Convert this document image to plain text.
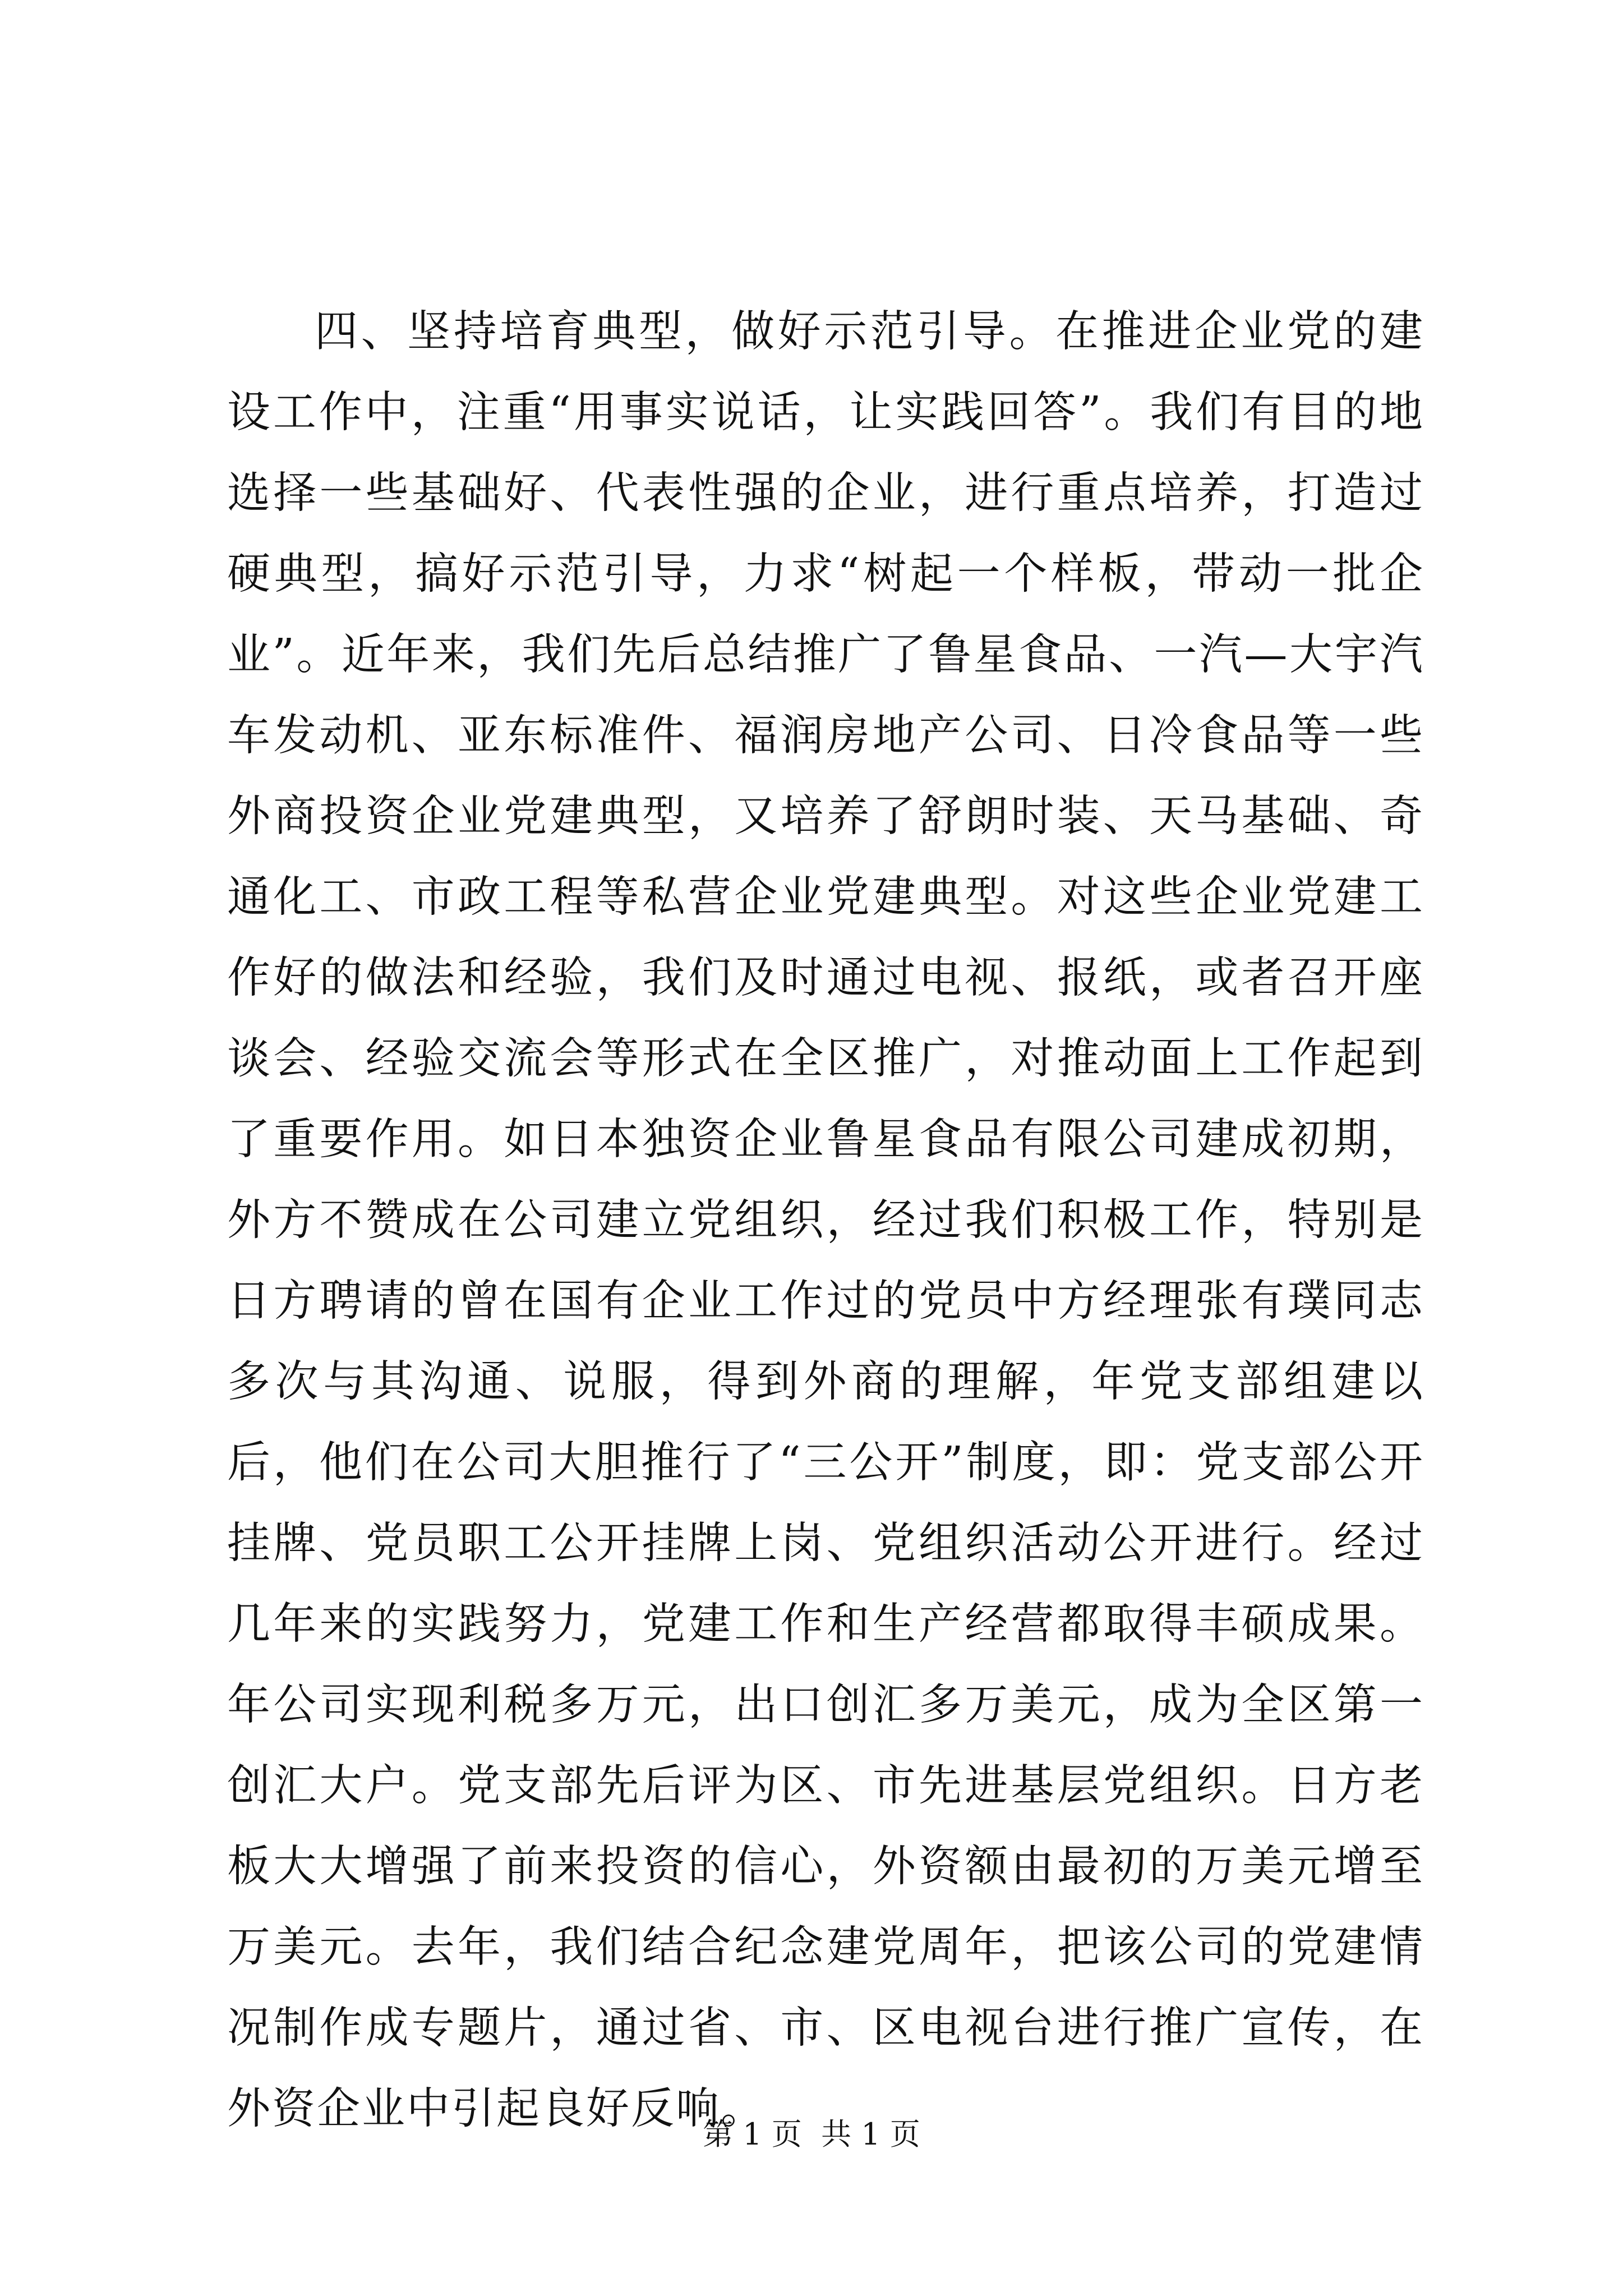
四、坚持培育典型，做好示范引导。在推进企业党的建设工作中，注重“用事实说话，让实践回答”。我们有目的地选择一些基础好、代表性强的企业，进行重点培养，打造过硬典型，搞好示范引导，力求“树起一个样板，带动一批企业”。近年来，我们先后总结推广了鲁星食品、一汽—大宇汽车发动机、亚东标准件、福润房地产公司、日冷食品等一些外商投资企业党建典型，又培养了舒朗时装、天马基础、奇通化工、市政工程等私营企业党建典型。对这些企业党建工作好的做法和经验，我们及时通过电视、报纸，或者召开座谈会、经验交流会等形式在全区推广，对推动面上工作起到了重要作用。如日本独资企业鲁星食品有限公司建成初期，外方不赞成在公司建立党组织，经过我们积极工作，特别是日方聘请的曾在国有企业工作过的党员中方经理张有璞同志多次与其沟通、说服，得到外商的理解，年党支部组建以后，他们在公司大胆推行了“三公开”制度，即：党支部公开挂牌、党员职工公开挂牌上岗、党组织活动公开进行。经过几年来的实践努力，党建工作和生产经营都取得丰硕成果。年公司实现利税多万元，出口创汇多万美元，成为全区第一创汇大户。党支部先后评为区、市先进基层党组织。日方老板大大增强了前来投资的信心，外资额由最初的万美元增至万美元。去年，我们结合纪念建党周年，把该公司的党建情况制作成专题片，通过省、市、区电视台进行推广宣传，在外资企业中引起良好反响。

第 1 页  共 1 页
